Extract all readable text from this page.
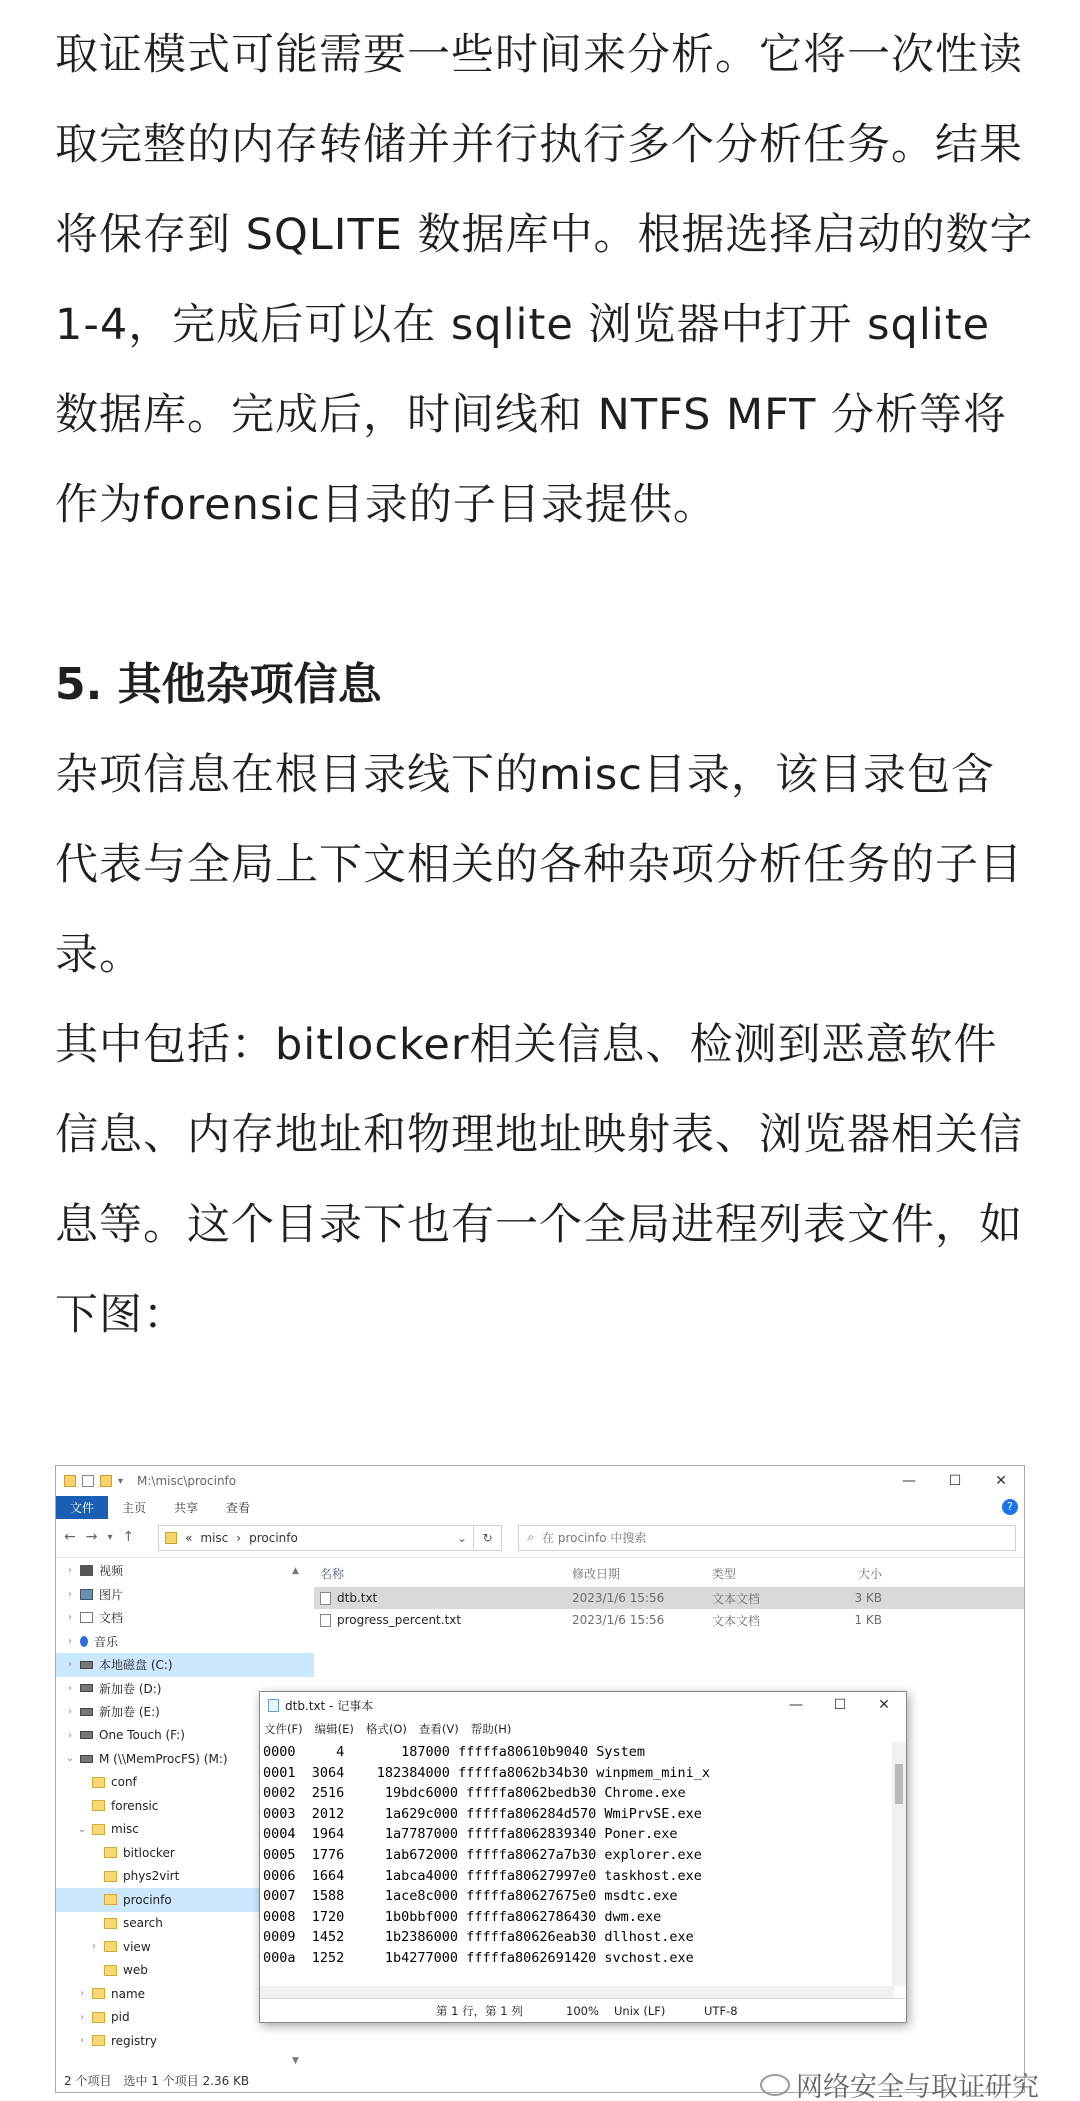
取证模式可能需要一些时间来分析。它将一次性读取完整的内存转储并并行执行多个分析任务。结果将保存到 SQLITE 数据库中。根据选择启动的数字 1-4，完成后可以在 sqlite 浏览器中打开 sqlite 数据库。完成后，时间线和 NTFS MFT 分析等将作为forensic目录的子目录提供。

5. 其他杂项信息

杂项信息在根目录线下的misc目录，该目录包含代表与全局上下文相关的各种杂项分析任务的子目录。

其中包括：bitlocker相关信息、检测到恶意软件信息、内存地址和物理地址映射表、浏览器相关信息等。这个目录下也有一个全局进程列表文件，如下图：

▾ M:\misc\procinfo	—	☐	✕
文件	主页	共享	查看	?
← → ▾ ↑	« misc › procinfo	⌄	↻	⌕ 在 procinfo 中搜索
›	视频
›	图片
›	文档
›	音乐
›	本地磁盘 (C:)
›	新加卷 (D:)
›	新加卷 (E:)
›	One Touch (F:)
⌄ M (\\MemProcFS) (M:)
conf
forensic
⌄ misc
bitlocker
phys2virt
procinfo
search
›	view
web
›	name
›	pid
›	registry
▲
▼
名称	修改日期	类型	大小
dtb.txt	2023/1/6 15:56	文本文档	3 KB
progress_percent.txt	2023/1/6 15:56	文本文档	1 KB
2 个项目 选中 1 个项目 2.36 KB
dtb.txt - 记事本	—	☐	✕
文件(F) 编辑(E) 格式(O) 查看(V) 帮助(H)
0000     4       187000 fffffa80610b9040 System
0001  3064    182384000 fffffa8062b34b30 winpmem_mini_x
0002  2516     19bdc6000 fffffa8062bedb30 Chrome.exe
0003  2012     1a629c000 fffffa806284d570 WmiPrvSE.exe
0004  1964     1a7787000 fffffa8062839340 Poner.exe
0005  1776     1ab672000 fffffa80627a7b30 explorer.exe
0006  1664     1abca4000 fffffa80627997e0 taskhost.exe
0007  1588     1ace8c000 fffffa80627675e0 msdtc.exe
0008  1720     1b0bbf000 fffffa8062786430 dwm.exe
0009  1452     1b2386000 fffffa80626eab30 dllhost.exe
000a  1252     1b4277000 fffffa8062691420 svchost.exe
第 1 行，第 1 列	100%	Unix (LF)	UTF-8
网络安全与取证研究
